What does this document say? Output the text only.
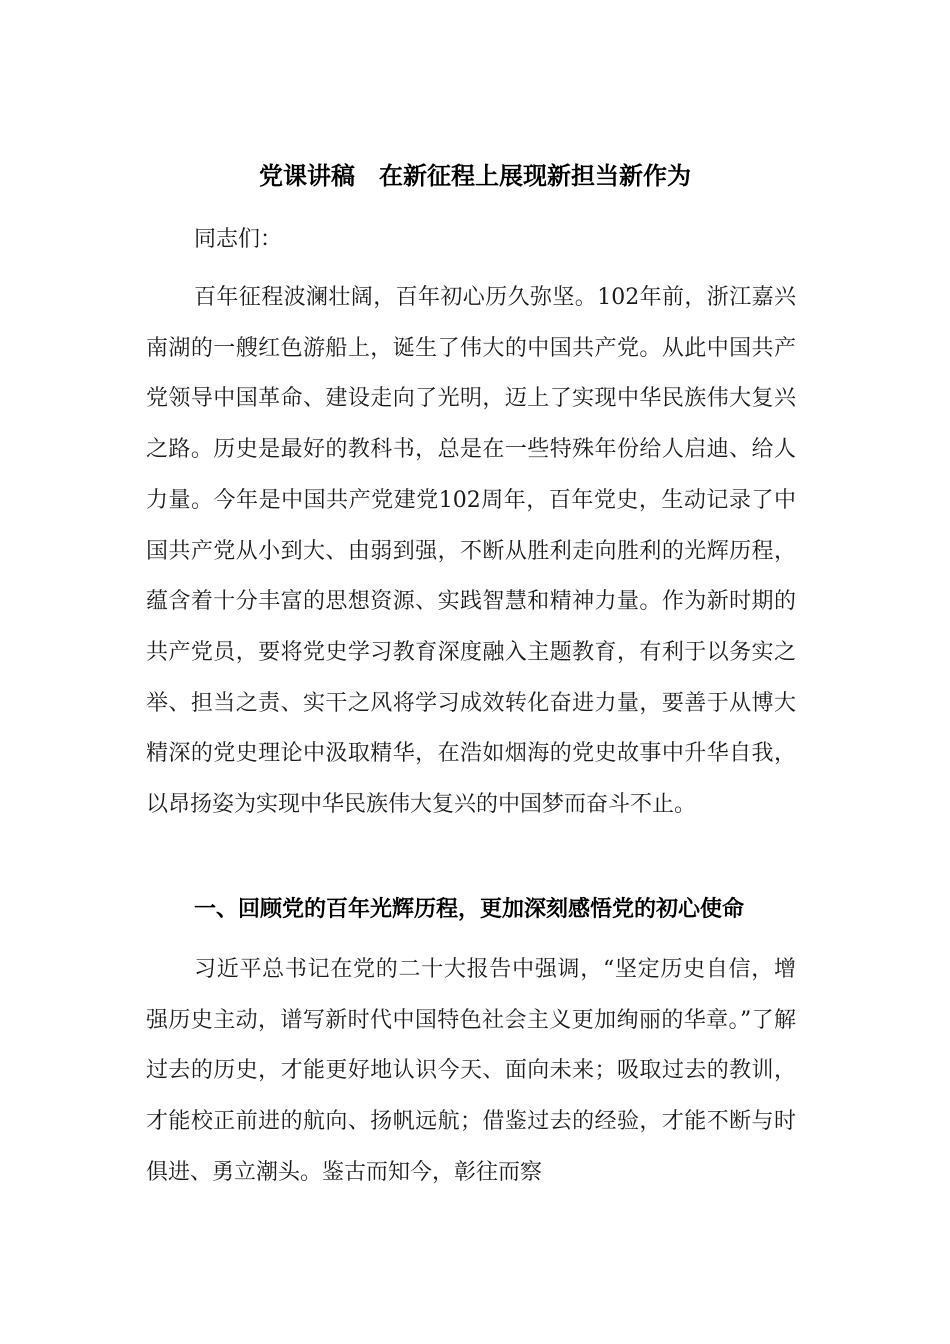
党课讲稿　在新征程上展现新担当新作为

同志们：

百年征程波澜壮阔，百年初心历久弥坚。102年前，浙江嘉兴南湖的一艘红色游船上，诞生了伟大的中国共产党。从此中国共产党领导中国革命、建设走向了光明，迈上了实现中华民族伟大复兴之路。历史是最好的教科书，总是在一些特殊年份给人启迪、给人力量。今年是中国共产党建党102周年，百年党史，生动记录了中国共产党从小到大、由弱到强，不断从胜利走向胜利的光辉历程，蕴含着十分丰富的思想资源、实践智慧和精神力量。作为新时期的共产党员，要将党史学习教育深度融入主题教育，有利于以务实之举、担当之责、实干之风将学习成效转化奋进力量，要善于从博大精深的党史理论中汲取精华，在浩如烟海的党史故事中升华自我，以昂扬姿为实现中华民族伟大复兴的中国梦而奋斗不止。

一、回顾党的百年光辉历程，更加深刻感悟党的初心使命

习近平总书记在党的二十大报告中强调，“坚定历史自信，增强历史主动，谱写新时代中国特色社会主义更加绚丽的华章。”了解过去的历史，才能更好地认识今天、面向未来；吸取过去的教训，才能校正前进的航向、扬帆远航；借鉴过去的经验，才能不断与时俱进、勇立潮头。鉴古而知今，彰往而察
